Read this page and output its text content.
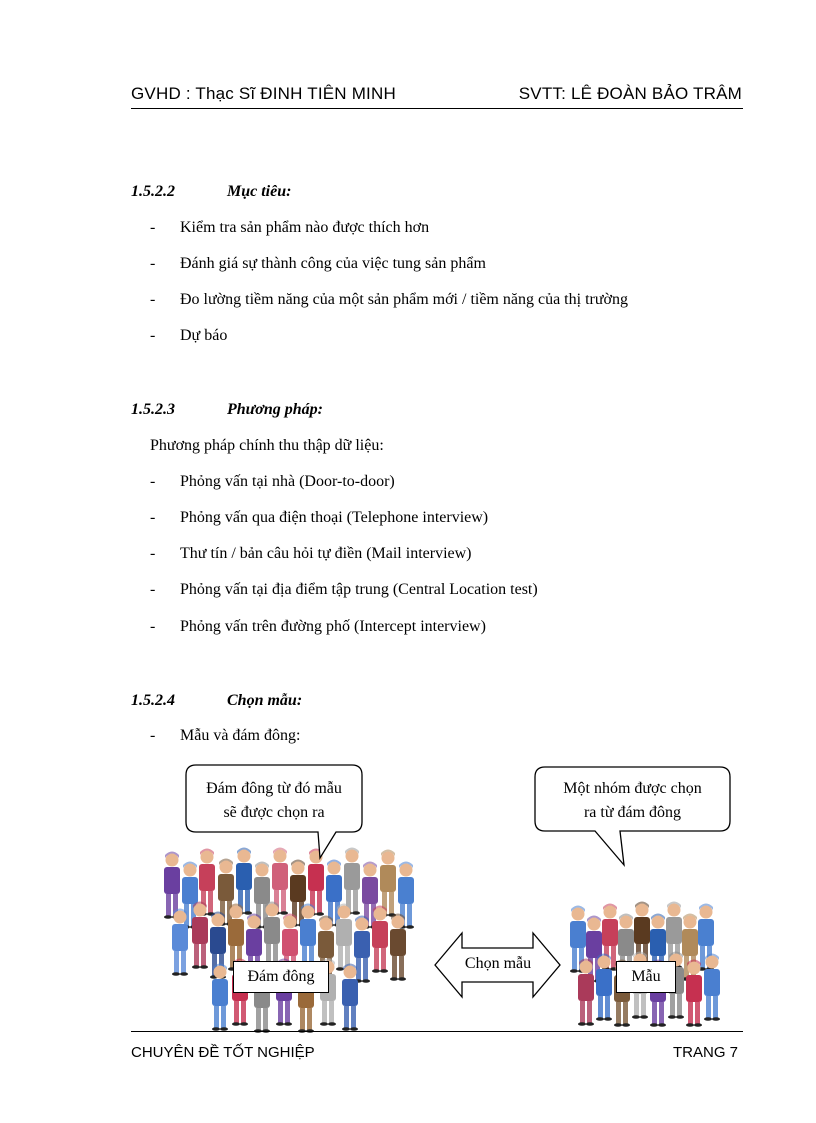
GVHD : Thạc Sĩ ĐINH TIÊN MINH	SVTT: LÊ ĐOÀN BẢO TRÂM
1.5.2.2	Mục tiêu:
- Kiểm tra sản phẩm nào được thích hơn
- Đánh giá sự thành công của việc tung sản phẩm
- Đo lường tiềm năng của một sản phẩm mới / tiềm năng của thị trường
- Dự báo
1.5.2.3	Phương pháp:
Phương pháp chính thu thập dữ liệu:
- Phỏng vấn tại nhà (Door-to-door)
- Phỏng vấn qua điện thoại (Telephone interview)
- Thư tín / bản câu hỏi tự điền (Mail interview)
- Phỏng vấn tại địa điểm tập trung (Central Location test)
- Phỏng vấn trên đường phố (Intercept interview)
1.5.2.4	Chọn mẫu:
- Mẫu và đám đông:
Đám đông từ đó mẫu
sẽ được chọn ra
Một nhóm được chọn
ra từ đám đông
Đám đông
Chọn mẫu
Mẫu
CHUYÊN ĐỀ TỐT NGHIỆP	TRANG 7
